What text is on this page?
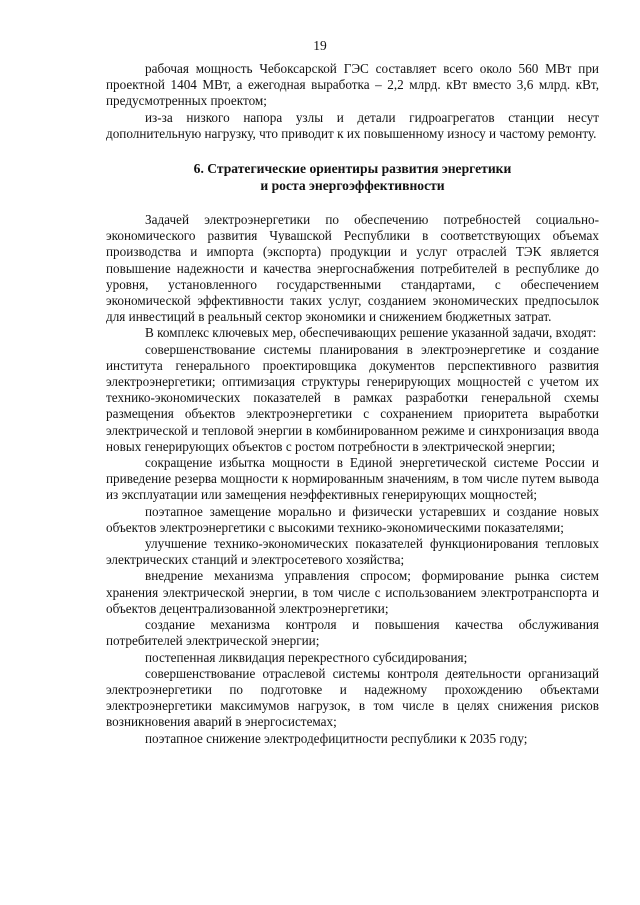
19

рабочая мощность Чебоксарской ГЭС составляет всего около 560 МВт при проектной 1404 МВт, а ежегодная выработка – 2,2 млрд. кВт вместо 3,6 млрд. кВт, предусмотренных проектом;

из-за низкого напора узлы и детали гидроагрегатов станции несут дополнительную нагрузку, что приводит к их повышенному износу и частому ремонту.

6. Стратегические ориентиры развития энергетики
и роста энергоэффективности

Задачей электроэнергетики по обеспечению потребностей социально-экономического развития Чувашской Республики в соответствующих объемах производства и импорта (экспорта) продукции и услуг отраслей ТЭК является повышение надежности и качества энергоснабжения потребителей в республике до уровня, установленного государственными стандартами, с обеспечением экономической эффективности таких услуг, созданием экономических предпосылок для инвестиций в реальный сектор экономики и снижением бюджетных затрат.

В комплекс ключевых мер, обеспечивающих решение указанной задачи, входят:

совершенствование системы планирования в электроэнергетике и создание института генерального проектировщика документов перспективного развития электроэнергетики; оптимизация структуры генерирующих мощностей с учетом их технико-экономических показателей в рамках разработки генеральной схемы размещения объектов электроэнергетики с сохранением приоритета выработки электрической и тепловой энергии в комбинированном режиме и синхронизация ввода новых генерирующих объектов с ростом потребности в электрической энергии;

сокращение избытка мощности в Единой энергетической системе России и приведение резерва мощности к нормированным значениям, в том числе путем вывода из эксплуатации или замещения неэффективных генерирующих мощностей;

поэтапное замещение морально и физически устаревших и создание новых объектов электроэнергетики с высокими технико-экономическими показателями;

улучшение технико-экономических показателей функционирования тепловых электрических станций и электросетевого хозяйства;

внедрение механизма управления спросом; формирование рынка систем хранения электрической энергии, в том числе с использованием электротранспорта и объектов децентрализованной электроэнергетики;

создание механизма контроля и повышения качества обслуживания потребителей электрической энергии;

постепенная ликвидация перекрестного субсидирования;

совершенствование отраслевой системы контроля деятельности организаций электроэнергетики по подготовке и надежному прохождению объектами электроэнергетики максимумов нагрузок, в том числе в целях снижения рисков возникновения аварий в энергосистемах;

поэтапное снижение электродефицитности республики к 2035 году;
